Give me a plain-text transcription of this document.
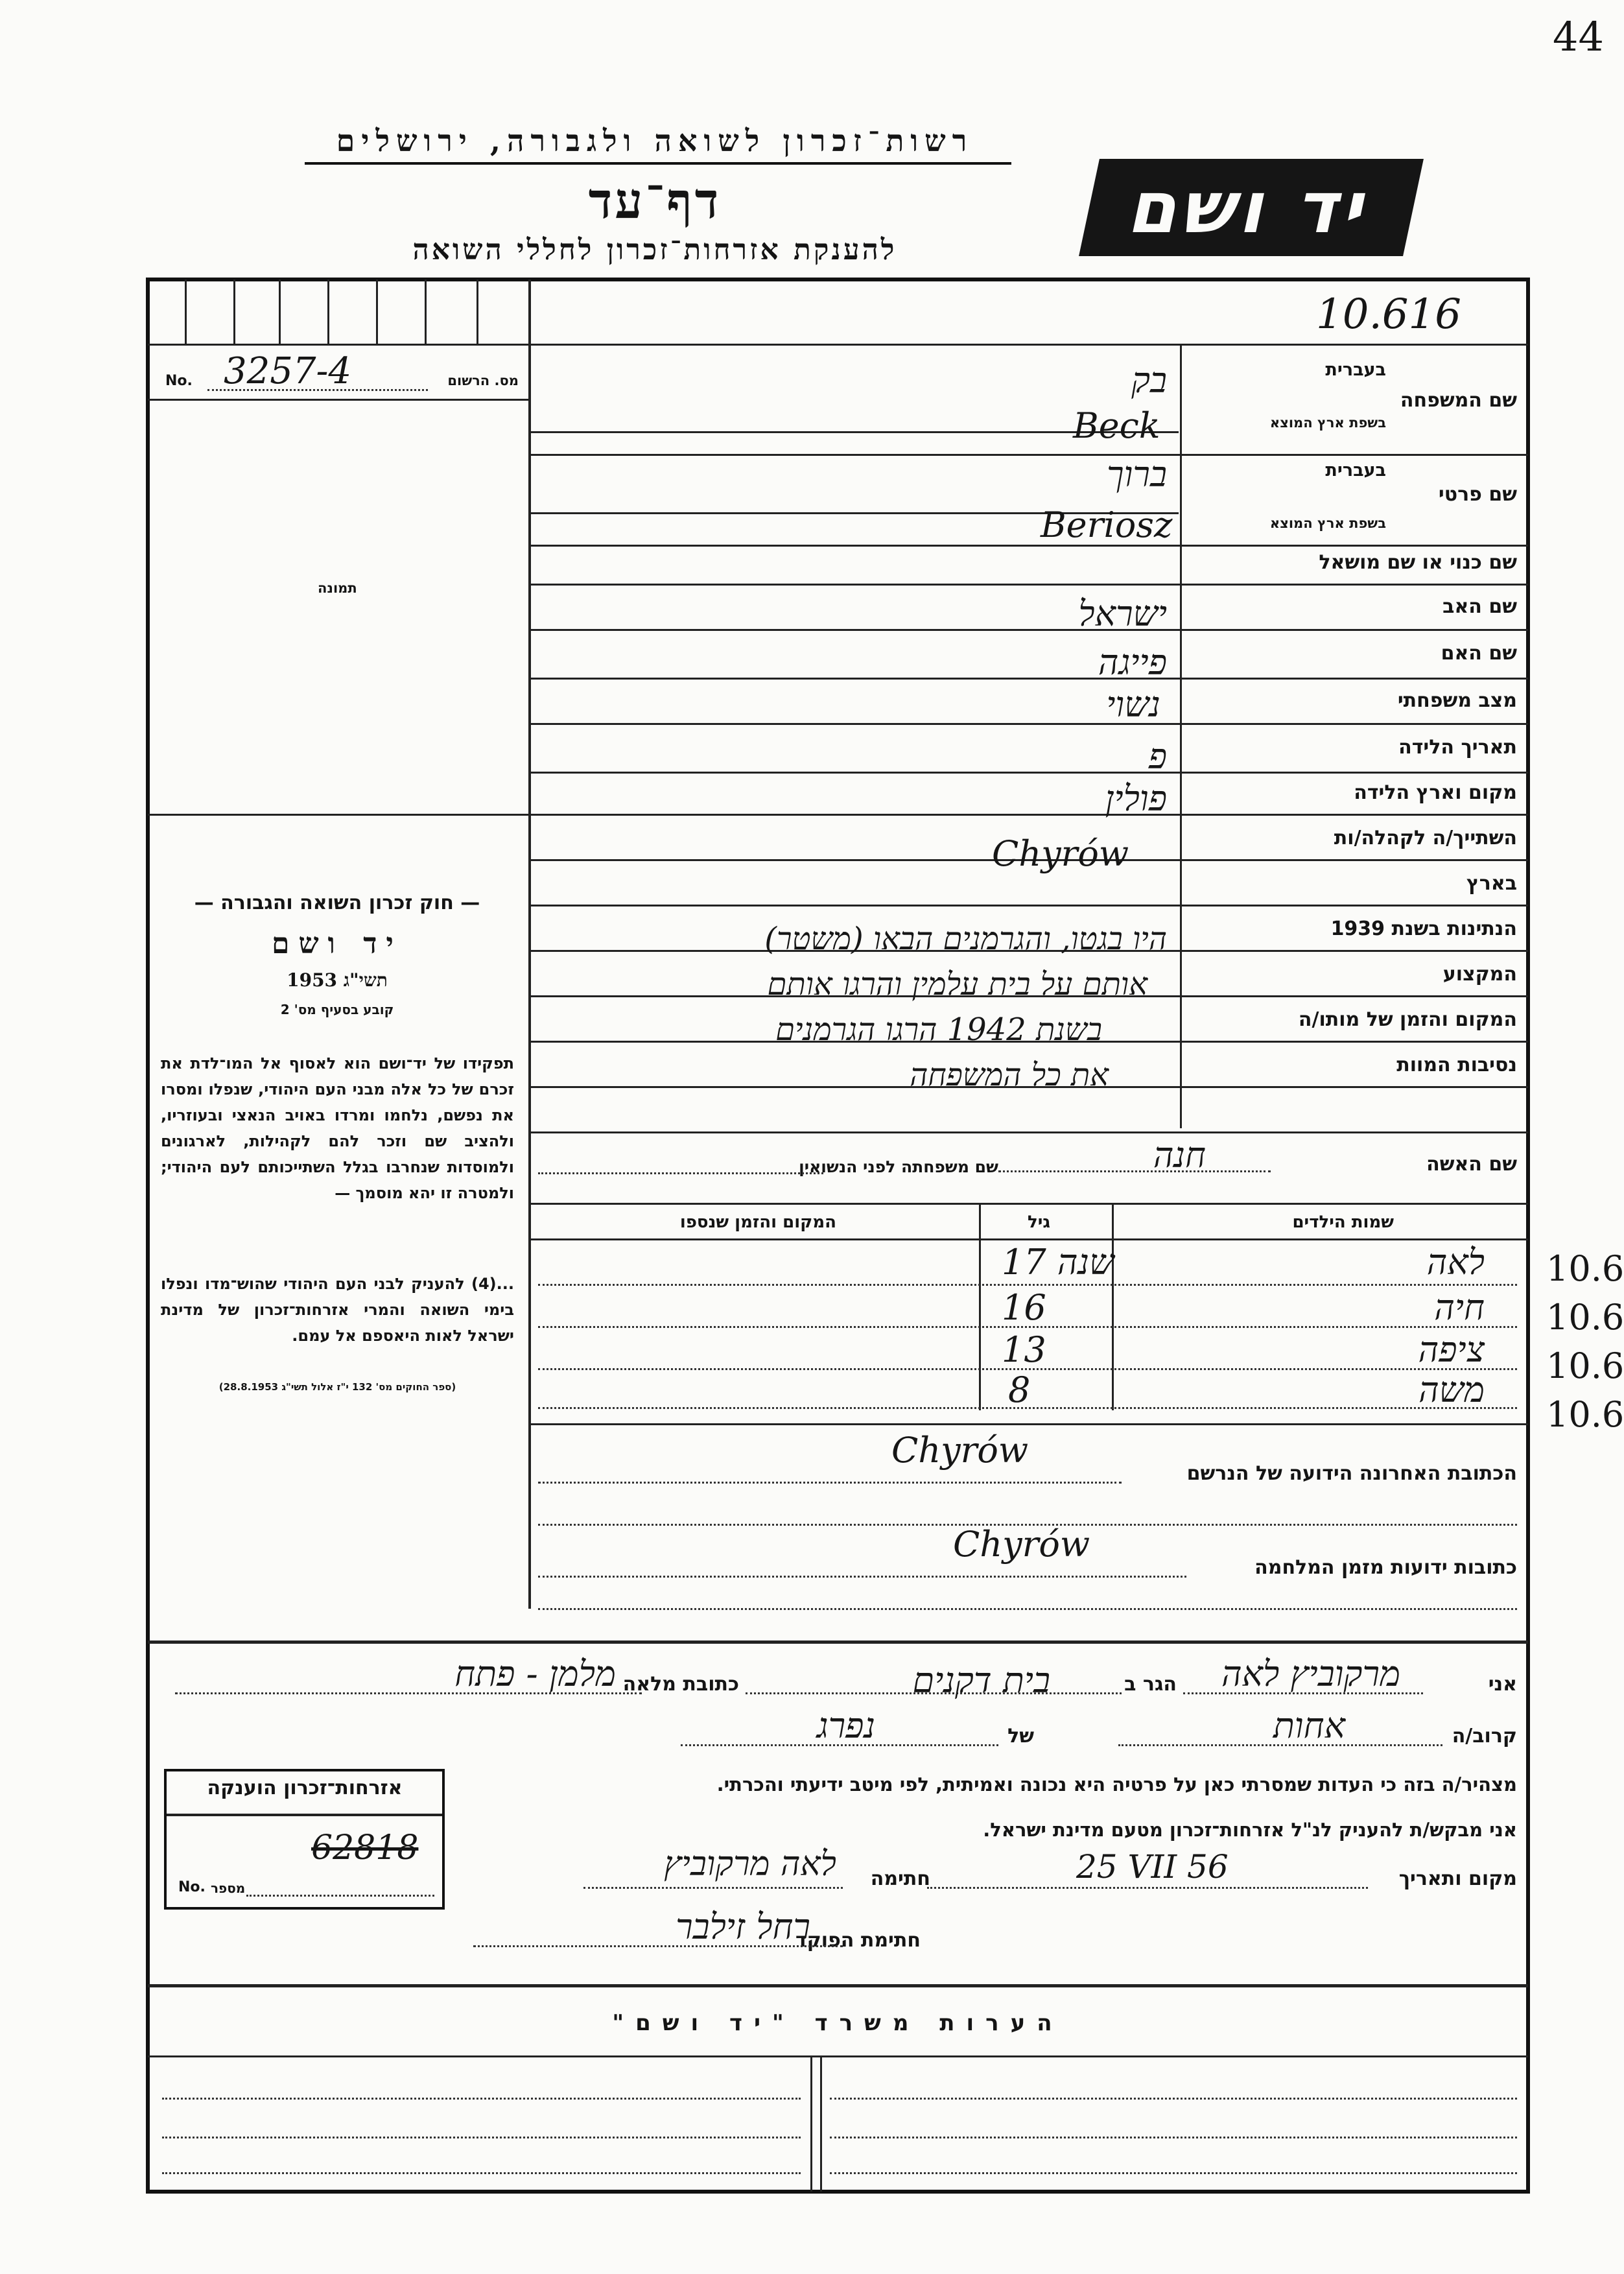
44
רשות־זכרון לשואה ולגבורה, ירושלים
דף־עד
להענקת אזרחות־זכרון לחללי השואה
יד ושם
10.616
No. 3257-4	מס. הרשום
תמונה
— חוק זכרון השואה והגבורה —
יד ושם
תשי"ג 1953
קובע בסעיף מס' 2
תפקידו של יד־ושם הוא לאסוף אל המו־לדת את זכרם של כל אלה מבני העם היהודי, שנפלו ומסרו את נפשם, נלחמו ומרדו באויב הנאצי ובעוזריו, ולהציב שם וזכר להם לקהילות, לארגונים ולמוסדות שנחרבו בגלל השתייכותם לעם היהודי; ולמטרה זו יהא מוסמך —
...(4) להעניק לבני העם היהודי שהוש־מדו ונפלו בימי השואה והמרי אזרחות־זכרון של מדינת ישראל לאות היאספם אל עמם.
(ספר החוקים מס' 132 י"ז אלול תשי"ג 28.8.1953)
בעברית
שם המשפחה
בשפת ארץ המוצא
בעברית
שם פרטי
בשפת ארץ המוצא
שם כנוי או שם מושאל
שם האב
שם האם
מצב משפחתי
תאריך הלידה
מקום וארץ הלידה
השתייך/ה לקהלה/ות
בארץ
הנתינות בשנת 1939
המקצוע
המקום והזמן של מותו/ה
נסיבות המוות
בק
Beck
ברוך
Beriosz
ישראל
פייגה
נשוי
פ
פולין
Chyrów
היו בגטו, והגרמנים הבאו (משטר)
אותם על בית עלמין והרגו אותם
בשנת 1942 הרגו הגרמנים
את כל המשפחה
שם האשה
חנה
שם משפחתה לפני הנשואין
שמות הילדים
גיל
המקום והזמן שנספו
לאה
17 שנה
חיה
16
ציפה
13
משה
8
10.6
10.6
10.6
10.6
הכתובת האחרונה הידועה של הנרשם
Chyrów
כתובות ידועות מזמן המלחמה
Chyrów
אני
מרקוביץ לאה
הגר ב
בית דקנים
כתובת מלאה
מלמן - פתח
קרוב/ה
אחות
של
נפרג
מצהיר/ה בזה כי העדות שמסרתי כאן על פרטיה היא נכונה ואמיתית, לפי מיטב ידיעתי והכרתי.
אני מבקש/ת להעניק לנ"ל אזרחות־זכרון מטעם מדינת ישראל.
מקום ותאריך
25 VII 56
חתימה
לאה מרקוביץ
חתימת הפוקד
רחל זילבר
אזרחות־זכרון הוענקה
62818
No. מספר
הערות משרד "יד ושם"
